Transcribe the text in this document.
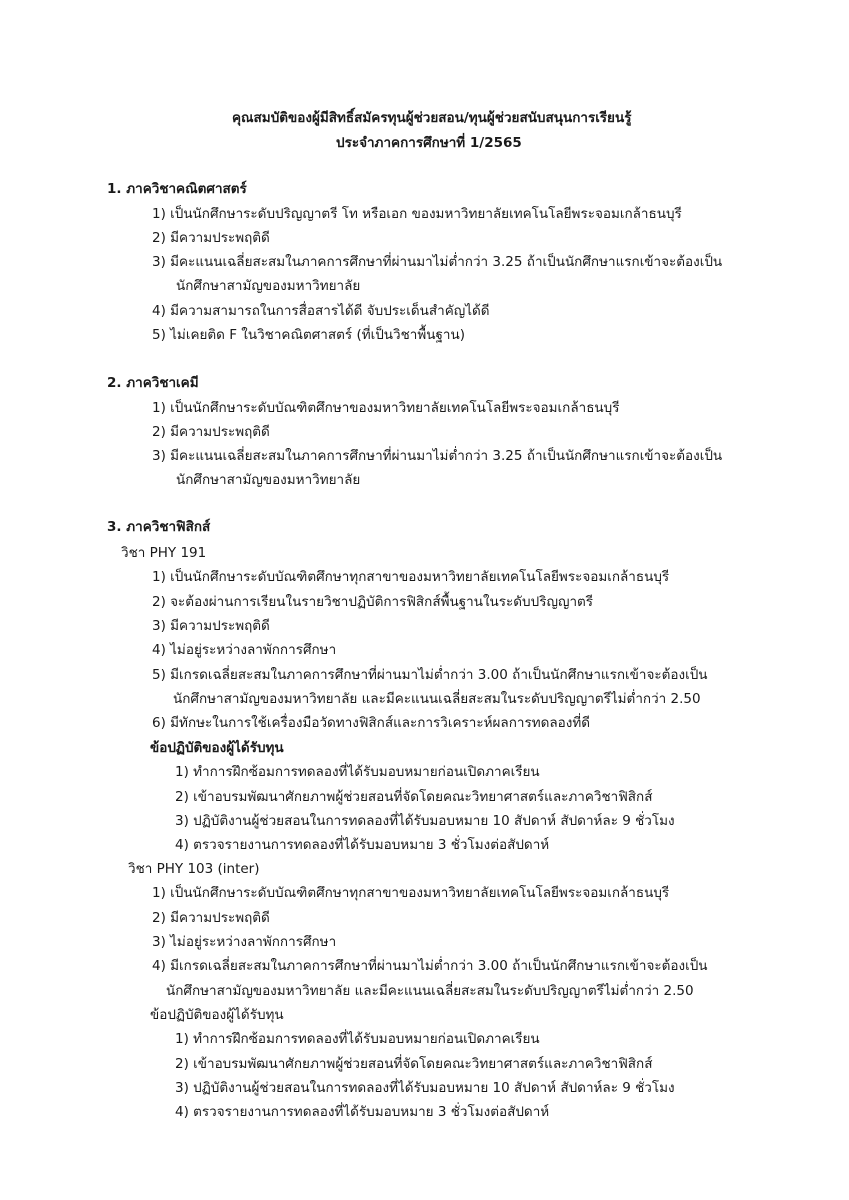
คุณสมบัติของผู้มีสิทธิ์สมัครทุนผู้ช่วยสอน/ทุนผู้ช่วยสนับสนุนการเรียนรู้
ประจำภาคการศึกษาที่ 1/2565
1. ภาควิชาคณิตศาสตร์
1) เป็นนักศึกษาระดับปริญญาตรี โท หรือเอก ของมหาวิทยาลัยเทคโนโลยีพระจอมเกล้าธนบุรี
2) มีความประพฤติดี
3) มีคะแนนเฉลี่ยสะสมในภาคการศึกษาที่ผ่านมาไม่ต่ำกว่า 3.25 ถ้าเป็นนักศึกษาแรกเข้าจะต้องเป็น
นักศึกษาสามัญของมหาวิทยาลัย
4) มีความสามารถในการสื่อสารได้ดี จับประเด็นสำคัญได้ดี
5) ไม่เคยติด F ในวิชาคณิตศาสตร์ (ที่เป็นวิชาพื้นฐาน)
2. ภาควิชาเคมี
1) เป็นนักศึกษาระดับบัณฑิตศึกษาของมหาวิทยาลัยเทคโนโลยีพระจอมเกล้าธนบุรี
2) มีความประพฤติดี
3) มีคะแนนเฉลี่ยสะสมในภาคการศึกษาที่ผ่านมาไม่ต่ำกว่า 3.25 ถ้าเป็นนักศึกษาแรกเข้าจะต้องเป็น
นักศึกษาสามัญของมหาวิทยาลัย
3. ภาควิชาฟิสิกส์
วิชา PHY 191
1) เป็นนักศึกษาระดับบัณฑิตศึกษาทุกสาขาของมหาวิทยาลัยเทคโนโลยีพระจอมเกล้าธนบุรี
2) จะต้องผ่านการเรียนในรายวิชาปฏิบัติการฟิสิกส์พื้นฐานในระดับปริญญาตรี
3) มีความประพฤติดี
4) ไม่อยู่ระหว่างลาพักการศึกษา
5) มีเกรดเฉลี่ยสะสมในภาคการศึกษาที่ผ่านมาไม่ต่ำกว่า 3.00 ถ้าเป็นนักศึกษาแรกเข้าจะต้องเป็น
นักศึกษาสามัญของมหาวิทยาลัย และมีคะแนนเฉลี่ยสะสมในระดับปริญญาตรีไม่ต่ำกว่า 2.50
6) มีทักษะในการใช้เครื่องมือวัดทางฟิสิกส์และการวิเคราะห์ผลการทดลองที่ดี
ข้อปฏิบัติของผู้ได้รับทุน
1) ทำการฝึกซ้อมการทดลองที่ได้รับมอบหมายก่อนเปิดภาคเรียน
2) เข้าอบรมพัฒนาศักยภาพผู้ช่วยสอนที่จัดโดยคณะวิทยาศาสตร์และภาควิชาฟิสิกส์
3) ปฏิบัติงานผู้ช่วยสอนในการทดลองที่ได้รับมอบหมาย 10 สัปดาห์ สัปดาห์ละ 9 ชั่วโมง
4) ตรวจรายงานการทดลองที่ได้รับมอบหมาย 3 ชั่วโมงต่อสัปดาห์
วิชา PHY 103 (inter)
1) เป็นนักศึกษาระดับบัณฑิตศึกษาทุกสาขาของมหาวิทยาลัยเทคโนโลยีพระจอมเกล้าธนบุรี
2) มีความประพฤติดี
3) ไม่อยู่ระหว่างลาพักการศึกษา
4) มีเกรดเฉลี่ยสะสมในภาคการศึกษาที่ผ่านมาไม่ต่ำกว่า 3.00 ถ้าเป็นนักศึกษาแรกเข้าจะต้องเป็น
นักศึกษาสามัญของมหาวิทยาลัย และมีคะแนนเฉลี่ยสะสมในระดับปริญญาตรีไม่ต่ำกว่า 2.50
ข้อปฏิบัติของผู้ได้รับทุน
1) ทำการฝึกซ้อมการทดลองที่ได้รับมอบหมายก่อนเปิดภาคเรียน
2) เข้าอบรมพัฒนาศักยภาพผู้ช่วยสอนที่จัดโดยคณะวิทยาศาสตร์และภาควิชาฟิสิกส์
3) ปฏิบัติงานผู้ช่วยสอนในการทดลองที่ได้รับมอบหมาย 10 สัปดาห์ สัปดาห์ละ 9 ชั่วโมง
4) ตรวจรายงานการทดลองที่ได้รับมอบหมาย 3 ชั่วโมงต่อสัปดาห์
